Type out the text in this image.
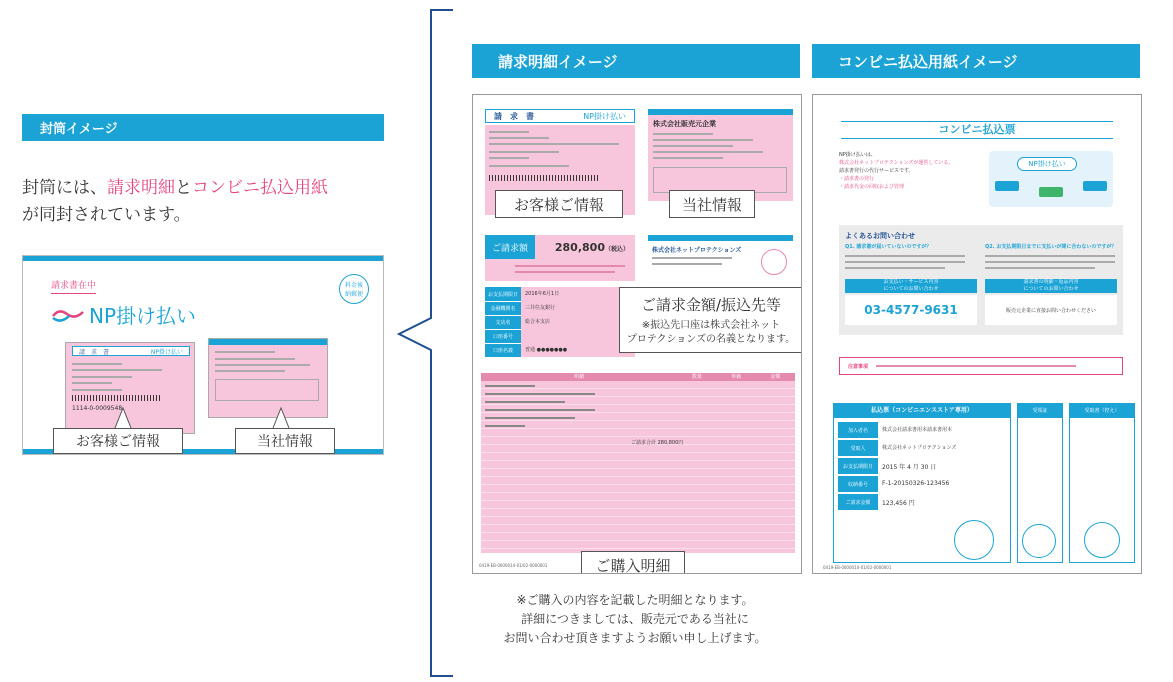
封筒イメージ
封筒には、請求明細とコンビニ払込用紙
が同封されています。
請求書在中
NP掛け払い
料金後納郵便
請　求　書	NP掛け払い
1114-0-0009548
お客様ご情報	当社情報
請求明細イメージ
請　求　書	NP掛け払い
株式会社販売元企業
お客様ご情報	当社情報
ご請求額	280,800（税込）	株式会社ネットプロテクションズ
お支払期限日	2016年6月1日
金融機関名	三井住友銀行
支店名	総合本支店
口座番号
口座名義	普通 ●●●●●●●
ご請求金額/振込先等
※振込先口座は株式会社ネット
プロテクションズの名義となります。
明細	数量	単価	金額
ご請求合計 280,800円
ご購入明細
0419-EB-0000014-01/02-0000001
※ご購入の内容を記載した明細となります。
詳細につきましては、販売元である当社に
お問い合わせ頂きますようお願い申し上げます。
コンビニ払込用紙イメージ
コンビニ払込票
NP掛け払いは、
株式会社ネットプロテクションズが運営している、
請求書発行の代行サービスです。
・請求書の発行
・請求代金の回収および管理
NP掛け払い
よくあるお問い合わせ
Q1. 請求書が届いていないのですが？	Q2. お支払期限日までに支払いが間に合わないのですが？
お支払い・サービス内容
についてのお問い合わせ
請求書の明細・返品内容
についてのお問い合わせ
03-4577-9631	販売元企業に直接お問い合わせください
注意事項
払込票（コンビニエンスストア専用）
加入者名	株式会社請求書用本請求書用本
受取人	株式会社ネットプロテクションズ
お支払期限日	2015 年 4 月 30 日
収納番号	F-1-20150326-123456
ご請求金額	123,456 円
受領証	受取書（控え）
0419-EB-0000014-01/02-0000001
